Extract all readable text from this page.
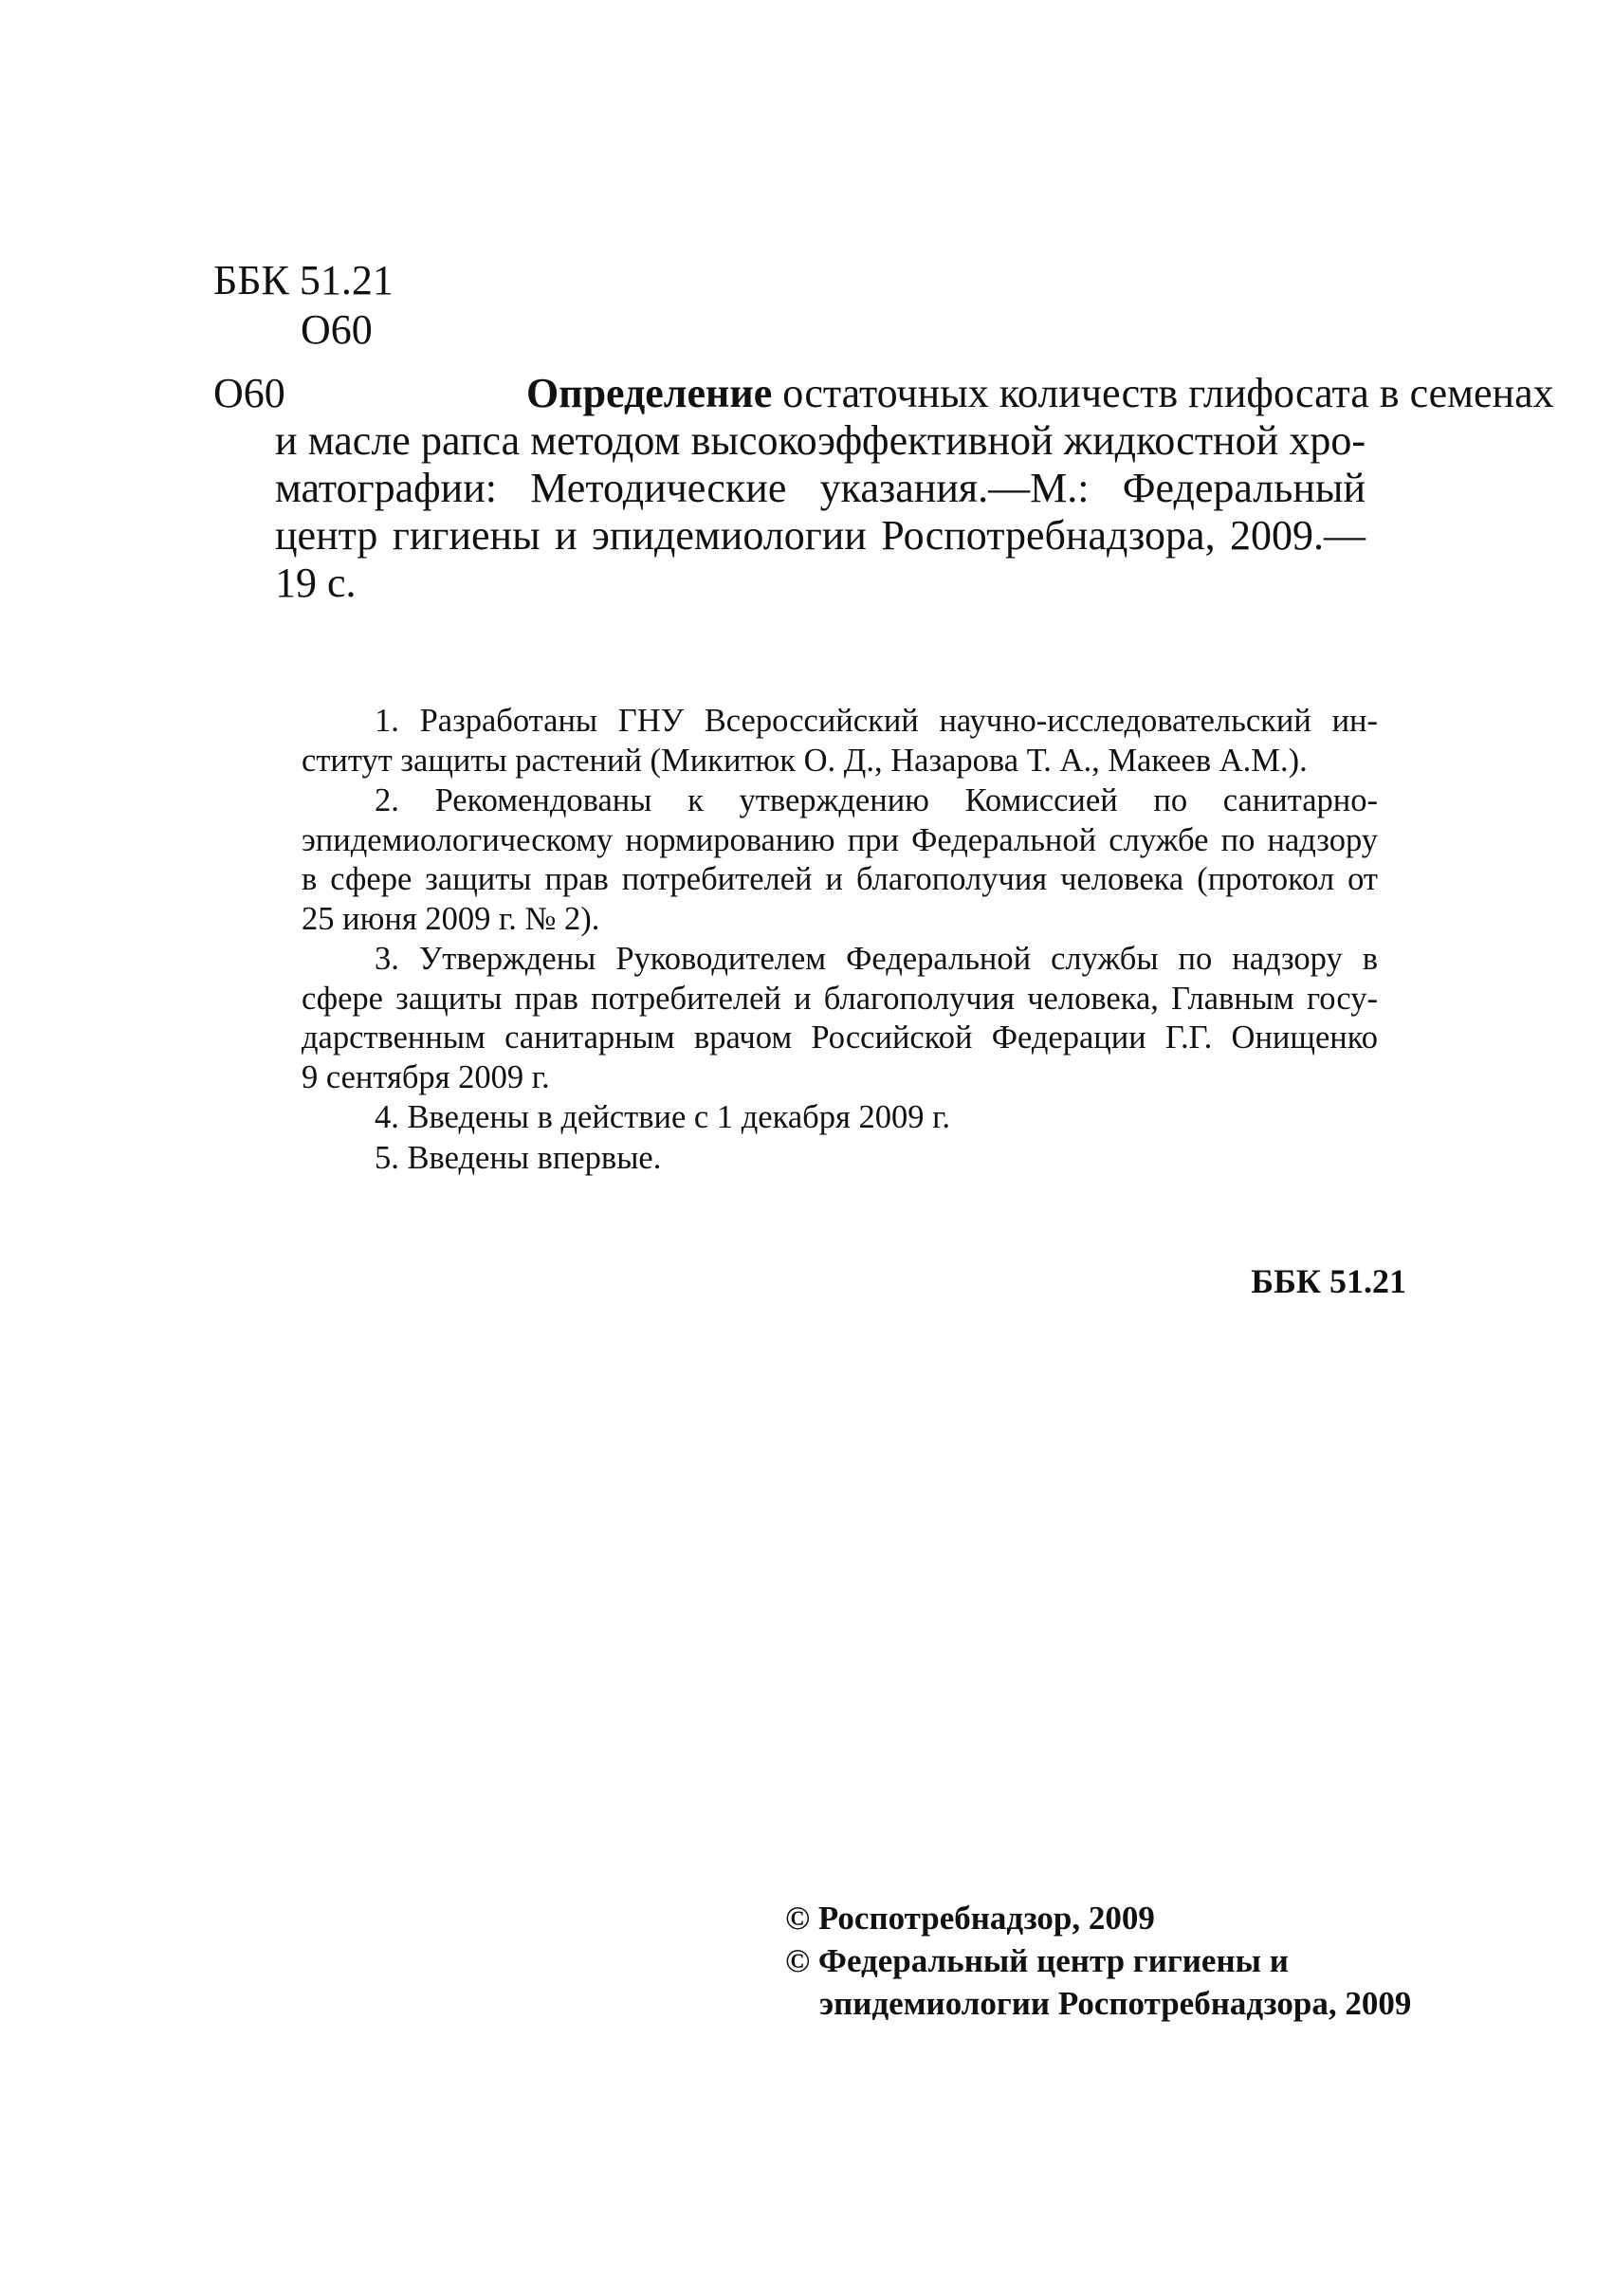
ББК 51.21
О60
О60	Определение остаточных количеств глифосата в семенах
и масле рапса методом высокоэффективной жидкостной хро-
матографии: Методические указания.—М.: Федеральный
центр гигиены и эпидемиологии Роспотребнадзора, 2009.—
19 с.
1. Разработаны ГНУ Всероссийский научно-исследовательский ин-
ститут защиты растений (Микитюк О. Д., Назарова Т. А., Макеев А.М.).
2. Рекомендованы к утверждению Комиссией по санитарно-
эпидемиологическому нормированию при Федеральной службе по надзору
в сфере защиты прав потребителей и благополучия человека (протокол от
25 июня 2009 г. № 2).
3. Утверждены Руководителем Федеральной службы по надзору в
сфере защиты прав потребителей и благополучия человека, Главным госу-
дарственным санитарным врачом Российской Федерации Г.Г. Онищенко
9 сентября 2009 г.
4. Введены в действие с 1 декабря 2009 г.
5. Введены впервые.
ББК 51.21
© Роспотребнадзор, 2009
© Федеральный центр гигиены и
эпидемиологии Роспотребнадзора, 2009
